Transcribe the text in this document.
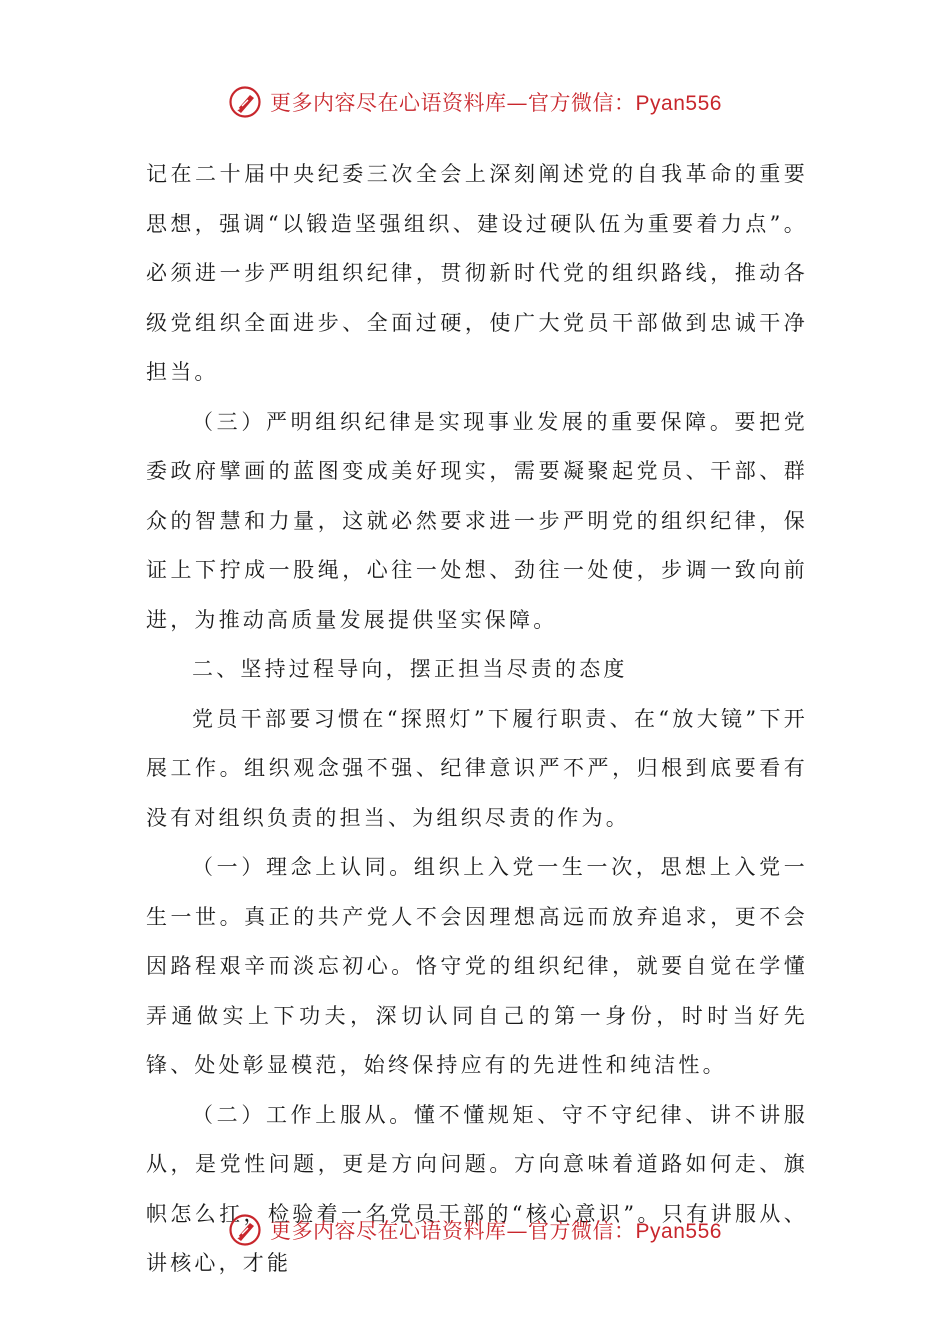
更多内容尽在心语资料库—官方微信：Pyan556

记在二十届中央纪委三次全会上深刻阐述党的自我革命的重要思想，强调“以锻造坚强组织、建设过硬队伍为重要着力点”。必须进一步严明组织纪律，贯彻新时代党的组织路线，推动各级党组织全面进步、全面过硬，使广大党员干部做到忠诚干净担当。

（三）严明组织纪律是实现事业发展的重要保障。要把党委政府擘画的蓝图变成美好现实，需要凝聚起党员、干部、群众的智慧和力量，这就必然要求进一步严明党的组织纪律，保证上下拧成一股绳，心往一处想、劲往一处使，步调一致向前进，为推动高质量发展提供坚实保障。

二、坚持过程导向，摆正担当尽责的态度

党员干部要习惯在“探照灯”下履行职责、在“放大镜”下开展工作。组织观念强不强、纪律意识严不严，归根到底要看有没有对组织负责的担当、为组织尽责的作为。

（一）理念上认同。组织上入党一生一次，思想上入党一生一世。真正的共产党人不会因理想高远而放弃追求，更不会因路程艰辛而淡忘初心。恪守党的组织纪律，就要自觉在学懂弄通做实上下功夫，深切认同自己的第一身份，时时当好先锋、处处彰显模范，始终保持应有的先进性和纯洁性。

（二）工作上服从。懂不懂规矩、守不守纪律、讲不讲服从，是党性问题，更是方向问题。方向意味着道路如何走、旗帜怎么扛，检验着一名党员干部的“核心意识”。只有讲服从、讲核心，才能

更多内容尽在心语资料库—官方微信：Pyan556
